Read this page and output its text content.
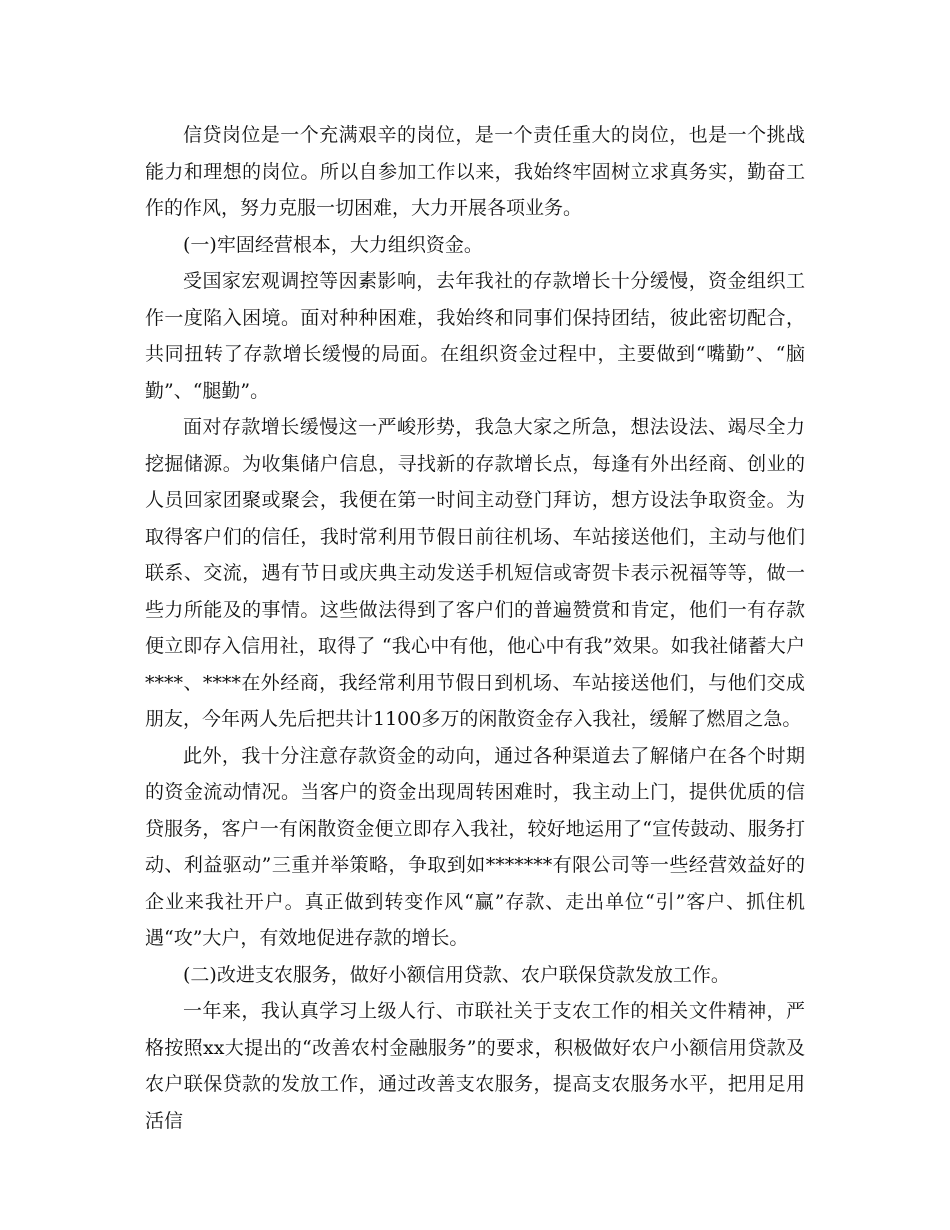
信贷岗位是一个充满艰辛的岗位，是一个责任重大的岗位，也是一个挑战能力和理想的岗位。所以自参加工作以来，我始终牢固树立求真务实，勤奋工作的作风，努力克服一切困难，大力开展各项业务。

(一)牢固经营根本，大力组织资金。

受国家宏观调控等因素影响，去年我社的存款增长十分缓慢，资金组织工作一度陷入困境。面对种种困难，我始终和同事们保持团结，彼此密切配合，共同扭转了存款增长缓慢的局面。在组织资金过程中，主要做到“嘴勤”、“脑勤”、“腿勤”。

面对存款增长缓慢这一严峻形势，我急大家之所急，想法设法、竭尽全力挖掘储源。为收集储户信息，寻找新的存款增长点，每逢有外出经商、创业的人员回家团聚或聚会，我便在第一时间主动登门拜访，想方设法争取资金。为取得客户们的信任，我时常利用节假日前往机场、车站接送他们，主动与他们联系、交流，遇有节日或庆典主动发送手机短信或寄贺卡表示祝福等等，做一些力所能及的事情。这些做法得到了客户们的普遍赞赏和肯定，他们一有存款便立即存入信用社，取得了 “我心中有他，他心中有我”效果。如我社储蓄大户****、****在外经商，我经常利用节假日到机场、车站接送他们，与他们交成朋友，今年两人先后把共计1100多万的闲散资金存入我社，缓解了燃眉之急。

此外，我十分注意存款资金的动向，通过各种渠道去了解储户在各个时期的资金流动情况。当客户的资金出现周转困难时，我主动上门，提供优质的信贷服务，客户一有闲散资金便立即存入我社，较好地运用了“宣传鼓动、服务打动、利益驱动”三重并举策略，争取到如*******有限公司等一些经营效益好的企业来我社开户。真正做到转变作风“赢”存款、走出单位“引”客户、抓住机遇“攻”大户，有效地促进存款的增长。

(二)改进支农服务，做好小额信用贷款、农户联保贷款发放工作。

一年来，我认真学习上级人行、市联社关于支农工作的相关文件精神，严格按照xx大提出的“改善农村金融服务”的要求，积极做好农户小额信用贷款及农户联保贷款的发放工作，通过改善支农服务，提高支农服务水平，把用足用活信
